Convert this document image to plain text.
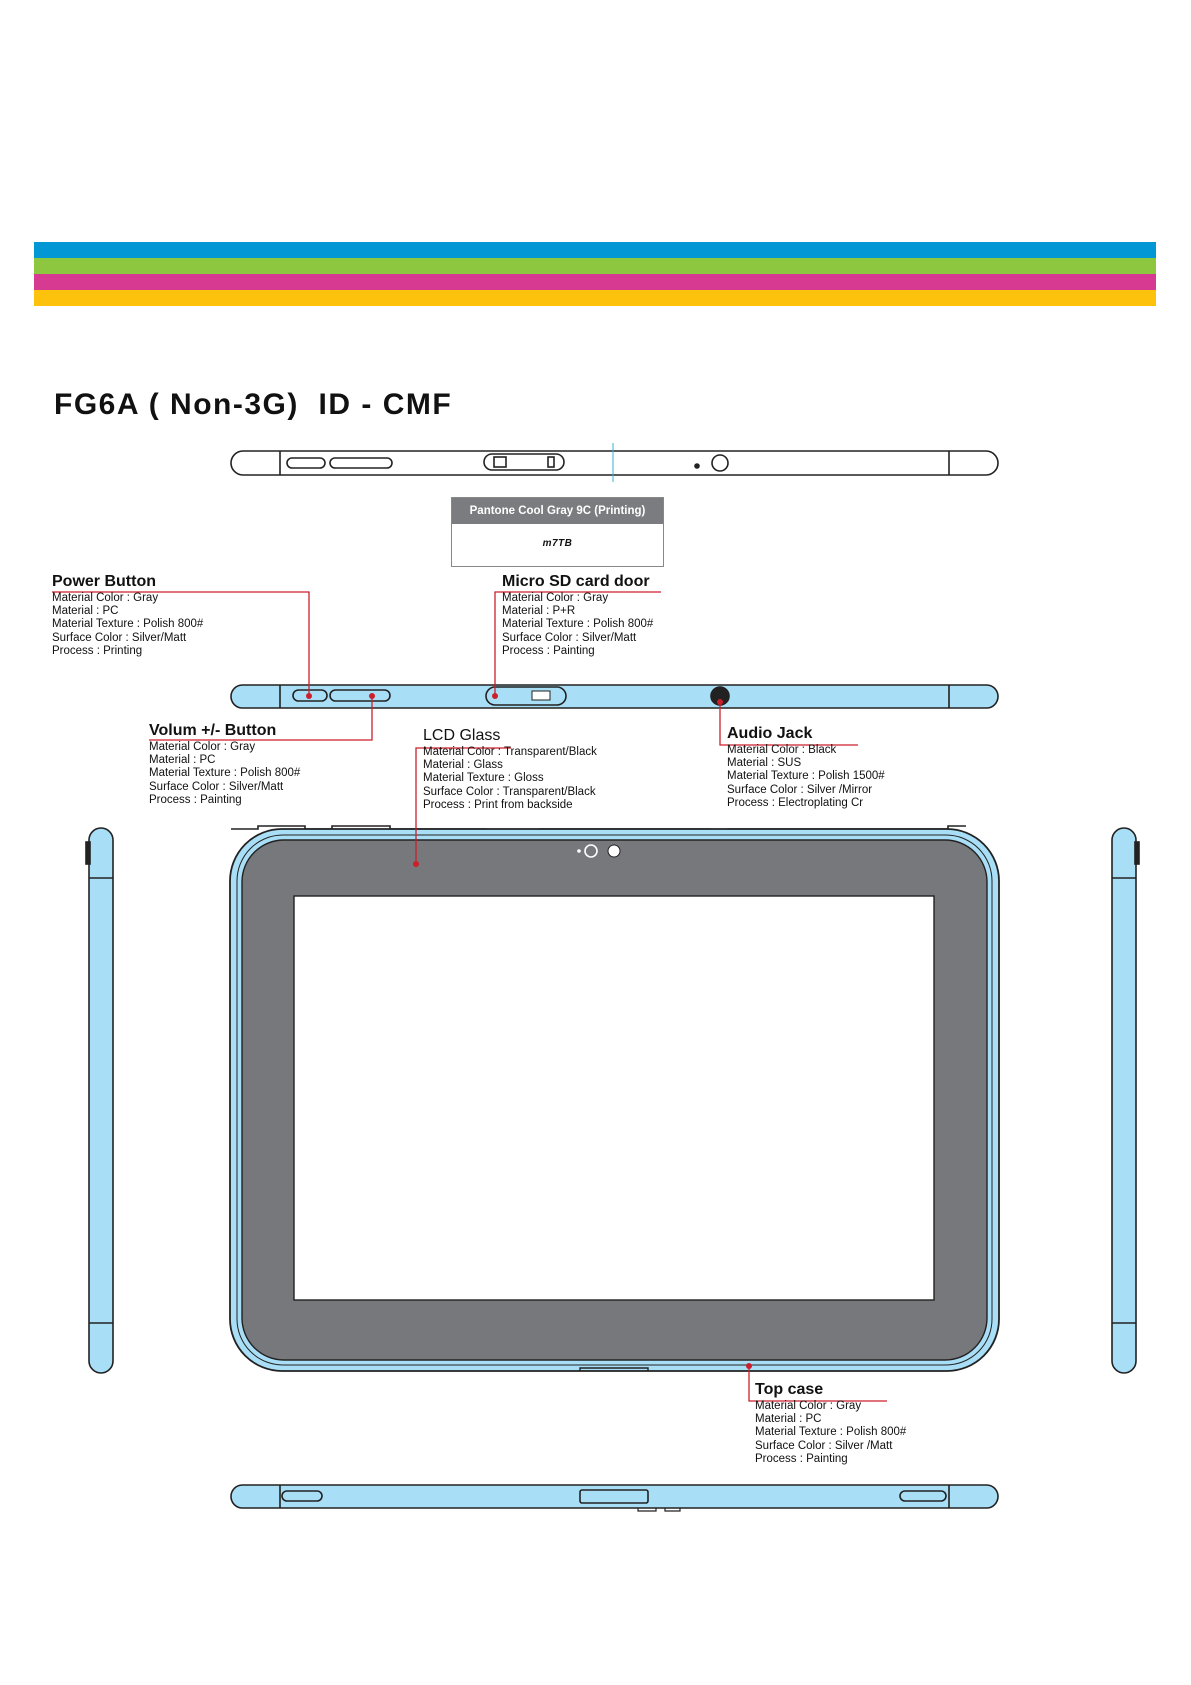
FG6A ( Non-3G)  ID - CMF
Pantone Cool Gray 9C (Printing)
m7TB
Power Button
Material Color : Gray
Material : PC
Material Texture : Polish 800#
Surface Color : Silver/Matt
Process : Printing
Micro SD card door
Material Color : Gray
Material : P+R
Material Texture : Polish 800#
Surface Color : Silver/Matt
Process : Painting
Volum +/- Button
Material Color : Gray
Material : PC
Material Texture : Polish 800#
Surface Color : Silver/Matt
Process : Painting
LCD Glass
Material Color : Transparent/Black
Material : Glass
Material Texture : Gloss
Surface Color : Transparent/Black
Process : Print from backside
Audio Jack
Material Color : Black
Material : SUS
Material Texture : Polish 1500#
Surface Color : Silver /Mirror
Process : Electroplating Cr
Top case
Material Color : Gray
Material : PC
Material Texture : Polish 800#
Surface Color : Silver /Matt
Process : Painting
